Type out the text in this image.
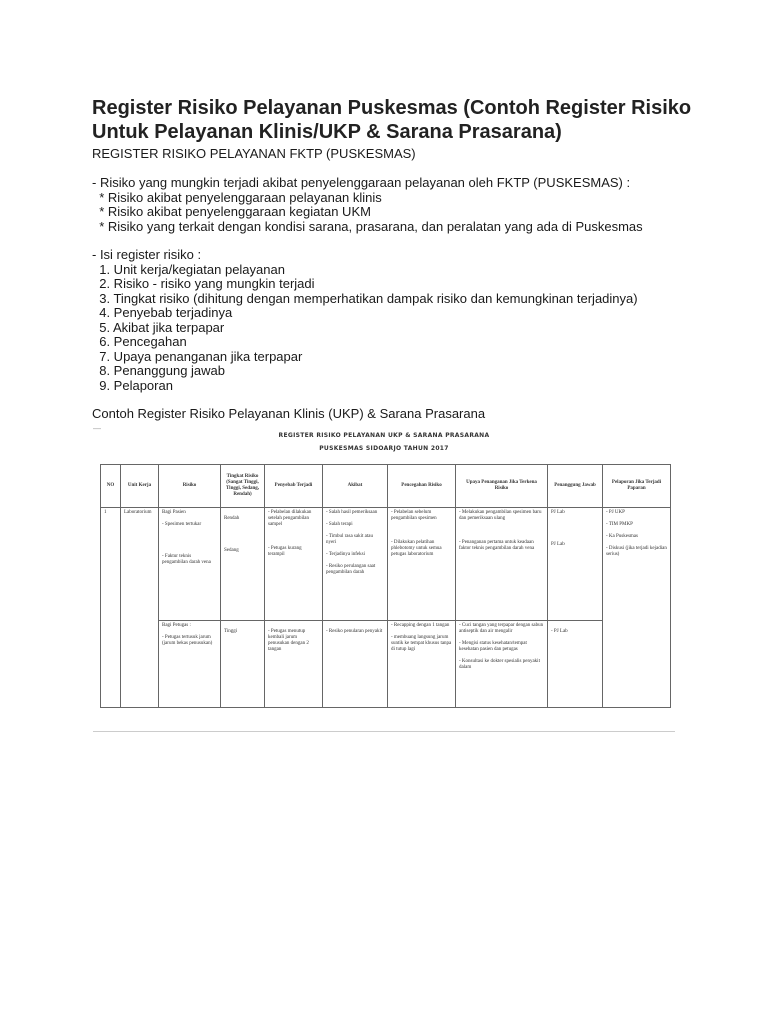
Register Risiko Pelayanan Puskesmas (Contoh Register Risiko Untuk Pelayanan Klinis/UKP & Sarana Prasarana)
REGISTER RISIKO PELAYANAN FKTP (PUSKESMAS)
- Risiko yang mungkin terjadi akibat penyelenggaraan pelayanan oleh FKTP (PUSKESMAS) :
* Risiko akibat penyelenggaraan pelayanan klinis
* Risiko akibat penyelenggaraan kegiatan UKM
* Risiko yang terkait dengan kondisi sarana, prasarana, dan peralatan yang ada di Puskesmas
- Isi register risiko :
1. Unit kerja/kegiatan pelayanan
2. Risiko - risiko yang mungkin terjadi
3. Tingkat risiko (dihitung dengan memperhatikan dampak risiko dan kemungkinan terjadinya)
4. Penyebab terjadinya
5. Akibat jika terpapar
6. Pencegahan
7. Upaya penanganan jika terpapar
8. Penanggung jawab
9. Pelaporan
Contoh Register Risiko Pelayanan Klinis (UKP) & Sarana Prasarana
—
REGISTER RISIKO PELAYANAN UKP & SARANA PRASARANA
PUSKESMAS SIDOARJO TAHUN 2017
NO	Unit Kerja	Risiko	Tingkat Risiko (Sangat Tinggi, Tinggi, Sedang, Rendah)	Penyebab Terjadi	Akibat	Pencegahan Risiko	Upaya Penanganan Jika Terkena Risiko	Penanggung Jawab	Pelaporan Jika Terjadi Paparan
1	Laboratorium	Bagi Pasien
- Spesimen tertukar
- Faktur teknis pengambilan darah vena	Rendah
Sedang	- Pelabelan dilakukan setelah pengambilan sampel
- Petugas kurang terampil	- Salah hasil pemeriksaan
- Salah terapi
- Timbul rasa sakit atau nyeri
- Terjadinya infeksi
- Resiko perulangan saat pengambilan darah	- Pelabelan sebelum pengambilan spesimen
- Dilakukan pelatihan phlebotomy untuk semua petugas laboratorium	- Melakukan pengambilan spesimen baru dan pemeriksaan ulang
- Penanganan pertama untuk keadaan faktor teknis pengambilan darah vena	PJ Lab
PJ Lab	- PJ UKP
- TIM PMKP
- Ka Puskesmas
- Diskusi (jika terjadi kejadian serius)

		Bagi Petugas :
- Petugas tertusuk jarum (jarum bekas penusukan)	Tinggi	- Petugas menutup kembali jarum penusukan dengan 2 tangan	- Resiko penularan penyakit	- Recapping dengan 1 tangan
- membuang langsung jarum suntik ke tempat khusus tanpa di tutup lagi	- Cuci tangan yang terpapar dengan sabun antiseptik dan air mengalir
- Mengisi status kesehatan/tempat kesehatan pasien dan petugas
- Konsultasi ke dokter spesialis penyakit dalam	- PJ Lab	
